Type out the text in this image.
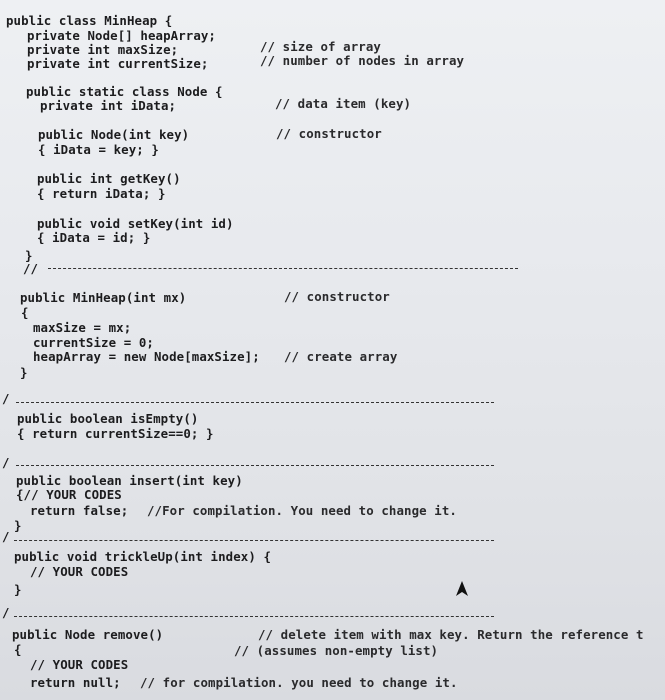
public class MinHeap {
private Node[] heapArray;
private int maxSize;	// size of array
private int currentSize;	// number of nodes in array
public static class Node {
private int iData;	// data item (key)
public Node(int key)	// constructor
{ iData = key; }
public int getKey()
{ return iData; }
public void setKey(int id)
{ iData = id; }
}
//
public MinHeap(int mx)	// constructor
{
maxSize = mx;
currentSize = 0;
heapArray = new Node[maxSize]; // create array
}
/
public boolean isEmpty()
{ return currentSize==0; }
/
public boolean insert(int key)
{// YOUR CODES
return false; //For compilation. You need to change it.
}
/
public void trickleUp(int index) {
// YOUR CODES
}
/
public Node remove()	// delete item with max key. Return the reference t
{	// (assumes non-empty list)
// YOUR CODES
return null; // for compilation. you need to change it.
